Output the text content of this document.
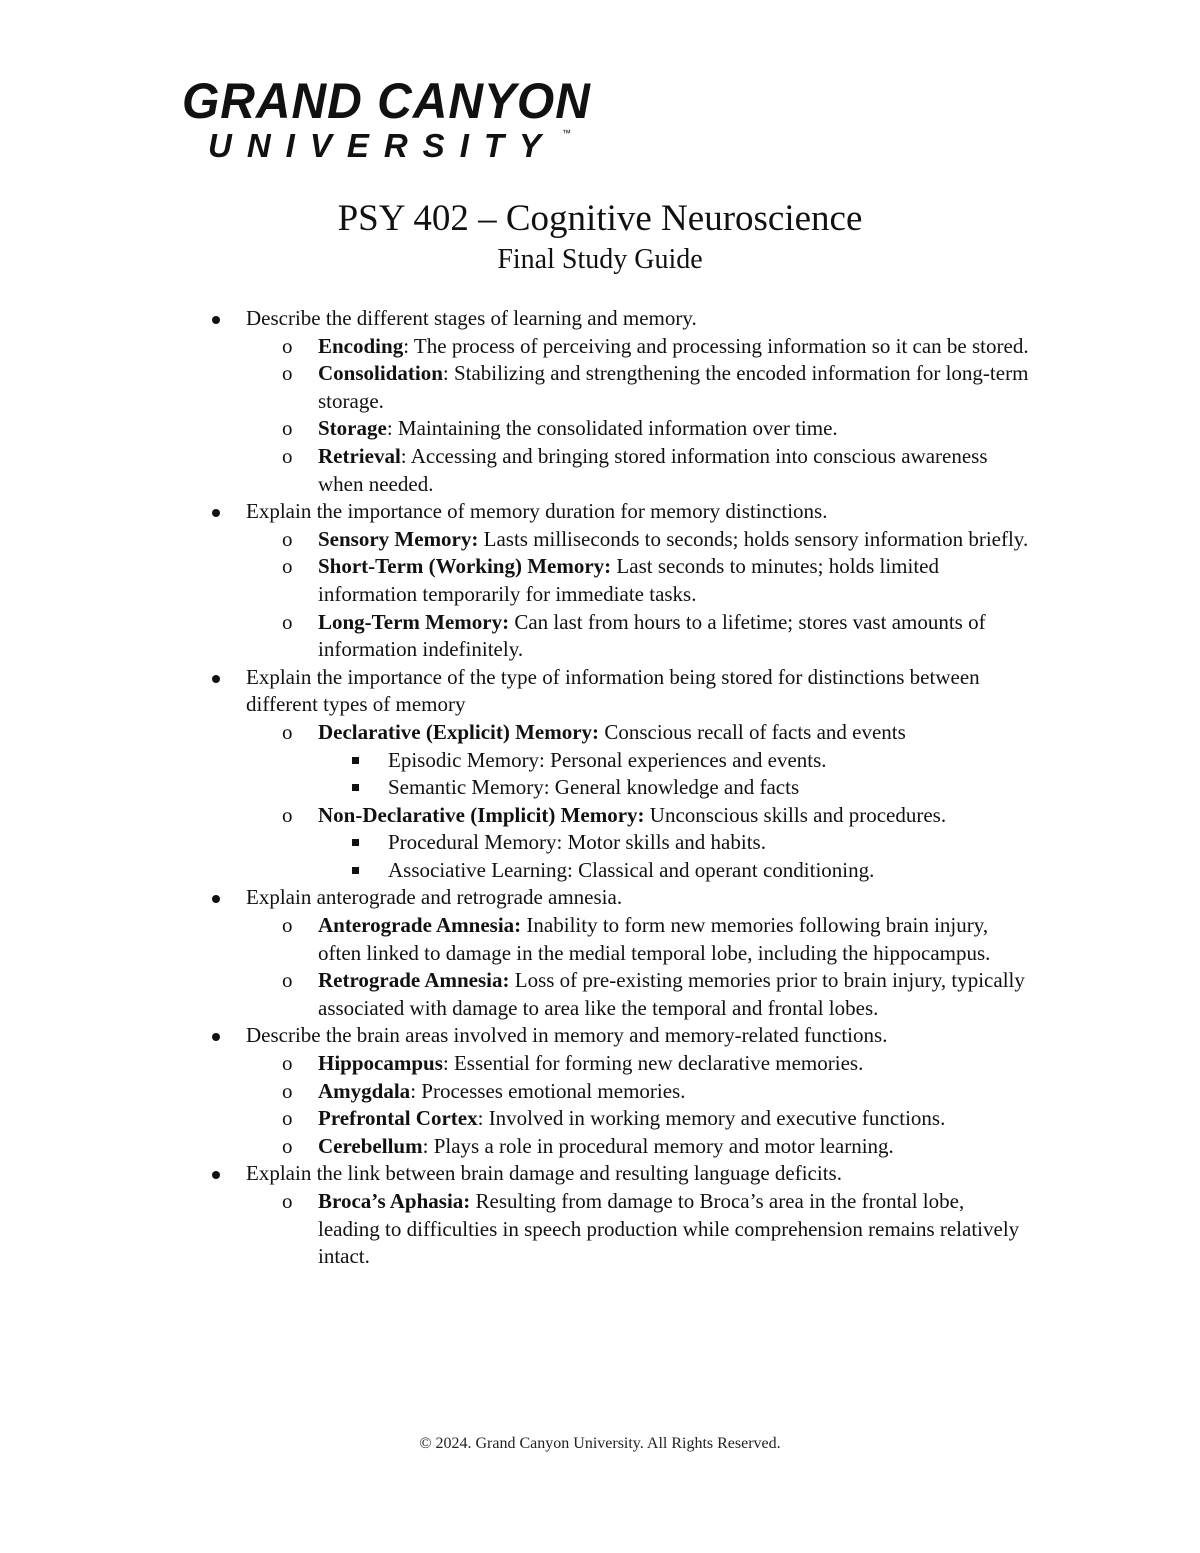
GRAND CANYON
UNIVERSITY ™
PSY 402 – Cognitive Neuroscience
Final Study Guide
Describe the different stages of learning and memory.
o Encoding: The process of perceiving and processing information so it can be stored.
o Consolidation: Stabilizing and strengthening the encoded information for long-term storage.
o Storage: Maintaining the consolidated information over time.
o Retrieval: Accessing and bringing stored information into conscious awareness when needed.
Explain the importance of memory duration for memory distinctions.
o Sensory Memory: Lasts milliseconds to seconds; holds sensory information briefly.
o Short-Term (Working) Memory: Last seconds to minutes; holds limited information temporarily for immediate tasks.
o Long-Term Memory: Can last from hours to a lifetime; stores vast amounts of information indefinitely.
Explain the importance of the type of information being stored for distinctions between different types of memory
o Declarative (Explicit) Memory: Conscious recall of facts and events
Episodic Memory: Personal experiences and events.
Semantic Memory: General knowledge and facts
o Non-Declarative (Implicit) Memory: Unconscious skills and procedures.
Procedural Memory: Motor skills and habits.
Associative Learning: Classical and operant conditioning.
Explain anterograde and retrograde amnesia.
o Anterograde Amnesia: Inability to form new memories following brain injury, often linked to damage in the medial temporal lobe, including the hippocampus.
o Retrograde Amnesia: Loss of pre-existing memories prior to brain injury, typically associated with damage to area like the temporal and frontal lobes.
Describe the brain areas involved in memory and memory-related functions.
o Hippocampus: Essential for forming new declarative memories.
o Amygdala: Processes emotional memories.
o Prefrontal Cortex: Involved in working memory and executive functions.
o Cerebellum: Plays a role in procedural memory and motor learning.
Explain the link between brain damage and resulting language deficits.
o Broca’s Aphasia: Resulting from damage to Broca’s area in the frontal lobe, leading to difficulties in speech production while comprehension remains relatively intact.
© 2024. Grand Canyon University. All Rights Reserved.
